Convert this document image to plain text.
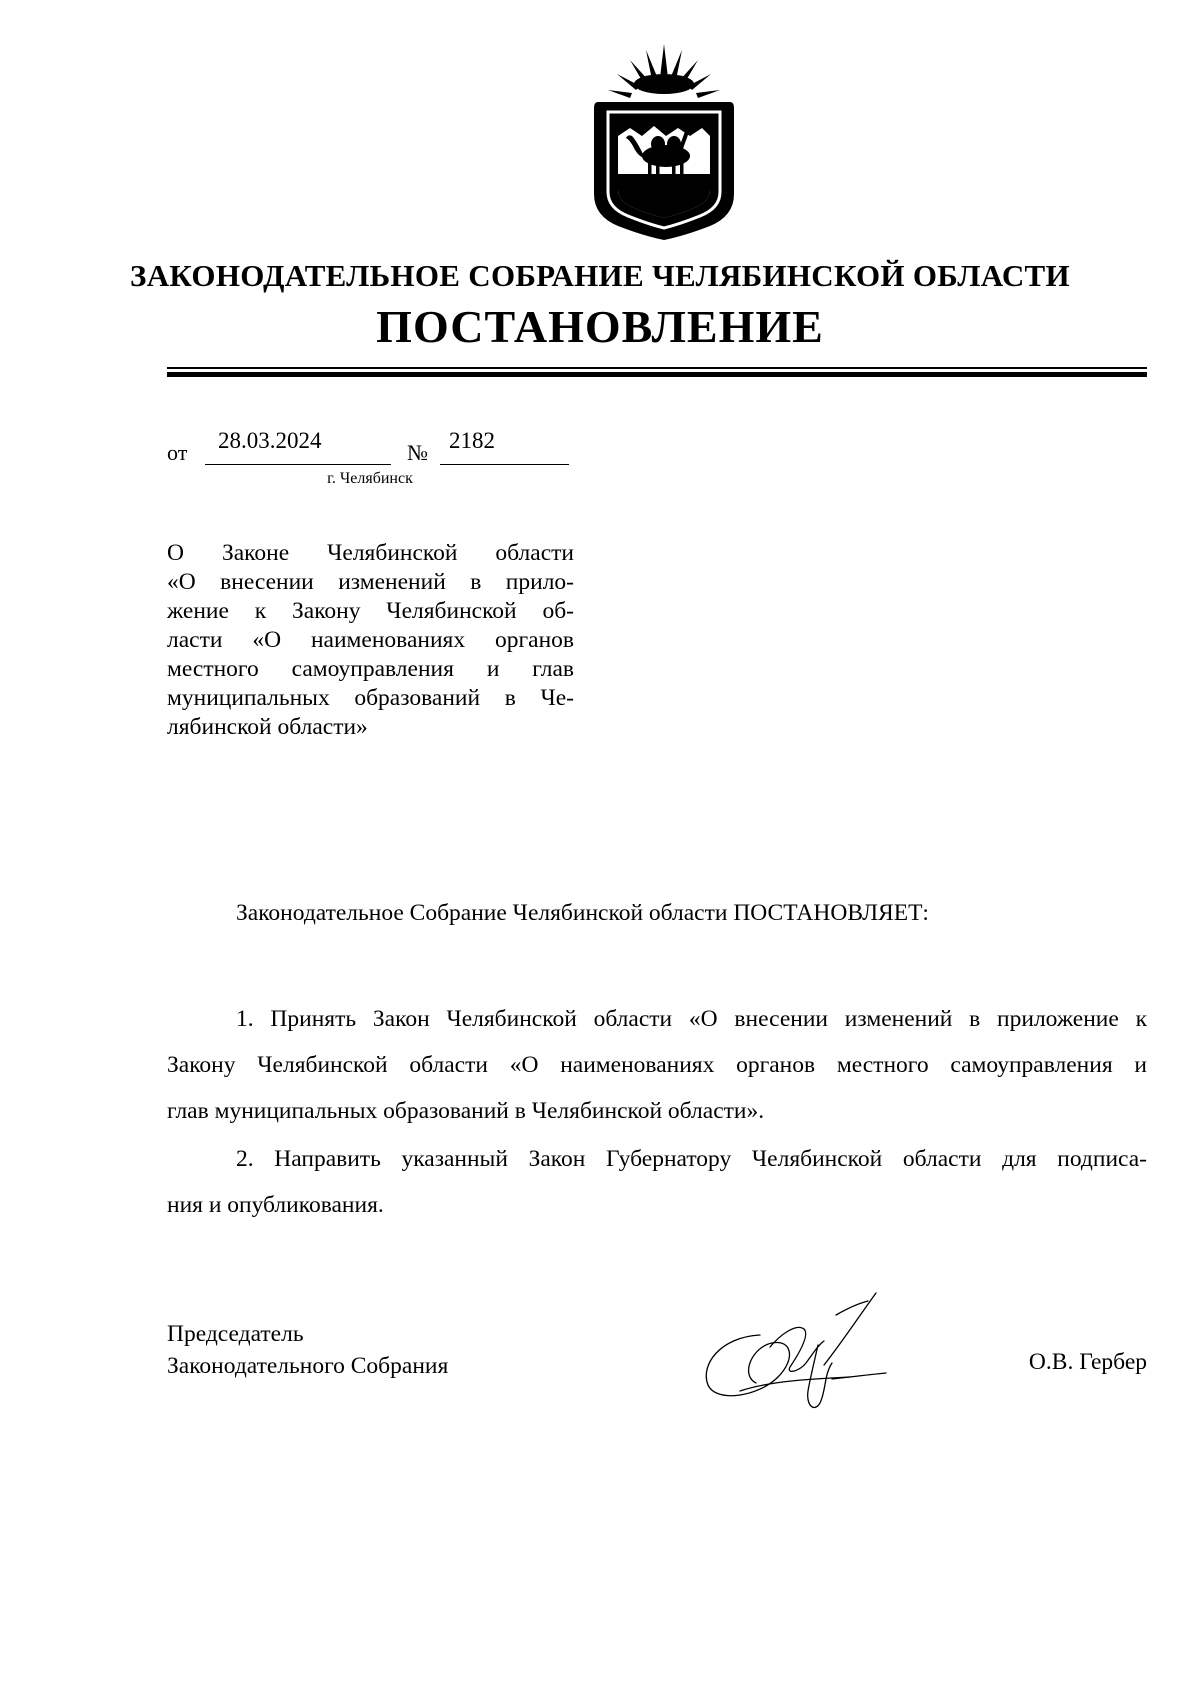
ЗАКОНОДАТЕЛЬНОЕ СОБРАНИЕ ЧЕЛЯБИНСКОЙ ОБЛАСТИ
ПОСТАНОВЛЕНИЕ
от 28.03.2024	№ 2182
г. Челябинск
О Законе Челябинской области
«О внесении изменений в прило-
жение к Закону Челябинской об-
ласти «О наименованиях органов
местного самоуправления и глав
муниципальных образований в Че-
лябинской области»
Законодательное Собрание Челябинской области ПОСТАНОВЛЯЕТ:
1. Принять Закон Челябинской области «О внесении изменений в приложение к
Закону Челябинской области «О наименованиях органов местного самоуправления и
глав муниципальных образований в Челябинской области».
2. Направить указанный Закон Губернатору Челябинской области для подписа-
ния и опубликования.
Председатель
Законодательного Собрания	О.В. Гербер
